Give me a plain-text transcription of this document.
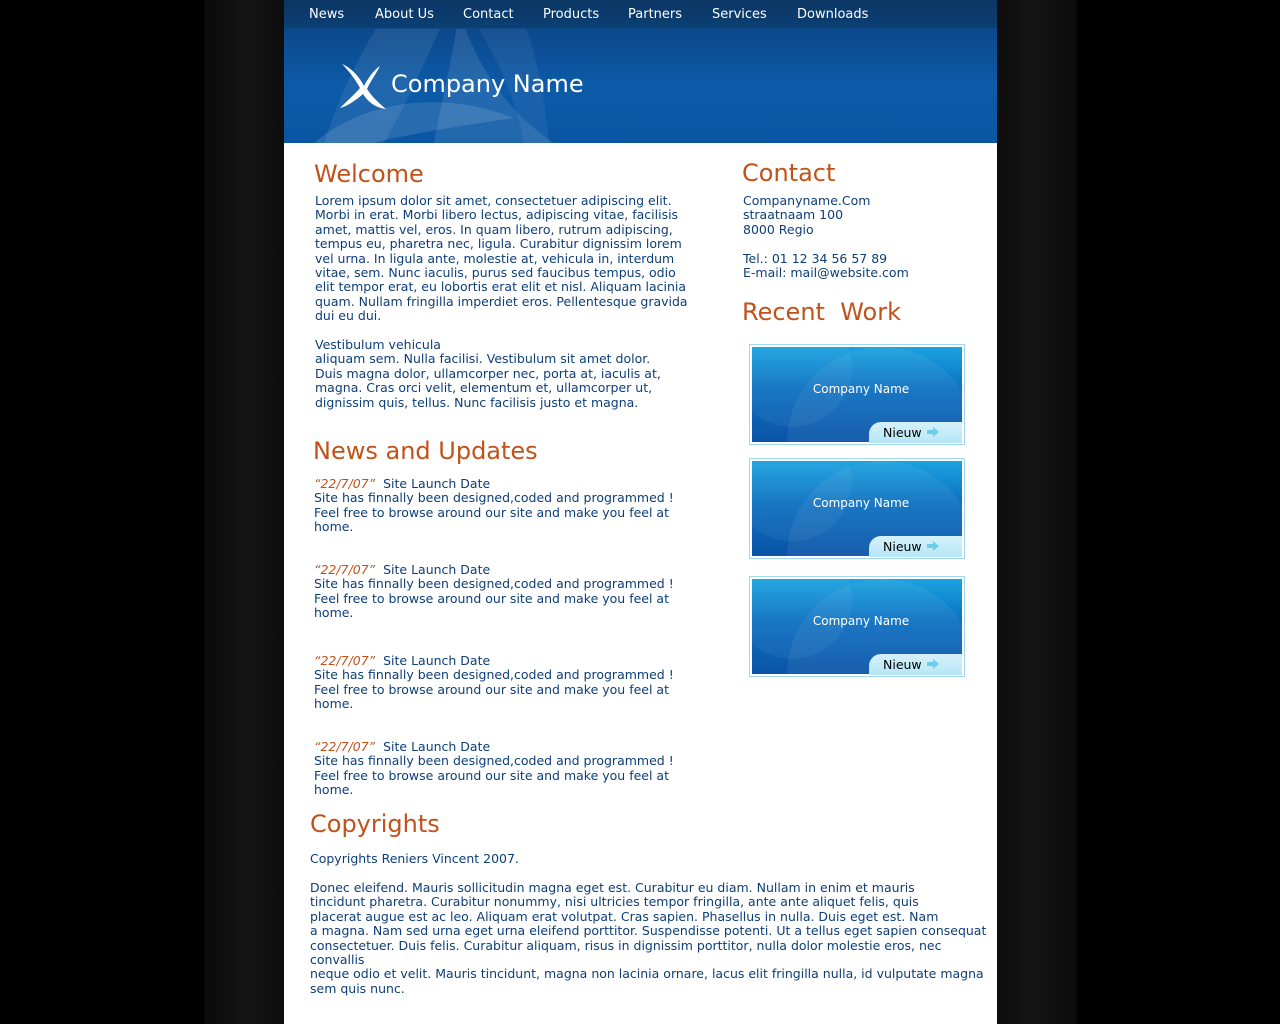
News About Us Contact Products Partners Services Downloads
Company Name
Welcome
Lorem ipsum dolor sit amet, consectetuer adipiscing elit.
Morbi in erat. Morbi libero lectus, adipiscing vitae, facilisis
amet, mattis vel, eros. In quam libero, rutrum adipiscing,
tempus eu, pharetra nec, ligula. Curabitur dignissim lorem
vel urna. In ligula ante, molestie at, vehicula in, interdum
vitae, sem. Nunc iaculis, purus sed faucibus tempus, odio
elit tempor erat, eu lobortis erat elit et nisl. Aliquam lacinia
quam. Nullam fringilla imperdiet eros. Pellentesque gravida
dui eu dui.
Vestibulum vehicula
aliquam sem. Nulla facilisi. Vestibulum sit amet dolor.
Duis magna dolor, ullamcorper nec, porta at, iaculis at,
magna. Cras orci velit, elementum et, ullamcorper ut,
dignissim quis, tellus. Nunc facilisis justo et magna.
News and Updates
“22/7/07” Site Launch Date
Site has finnally been designed,coded and programmed !
Feel free to browse around our site and make you feel at
home.
“22/7/07” Site Launch Date
Site has finnally been designed,coded and programmed !
Feel free to browse around our site and make you feel at
home.
“22/7/07” Site Launch Date
Site has finnally been designed,coded and programmed !
Feel free to browse around our site and make you feel at
home.
“22/7/07” Site Launch Date
Site has finnally been designed,coded and programmed !
Feel free to browse around our site and make you feel at
home.
Contact
Companyname.Com
straatnaam 100
8000 Regio
Tel.: 01 12 34 56 57 89
E-mail: mail@website.com
Recent  Work
Company Name
Nieuw
Company Name
Nieuw
Company Name
Nieuw
Copyrights
Copyrights Reniers Vincent 2007.
Donec eleifend. Mauris sollicitudin magna eget est. Curabitur eu diam. Nullam in enim et mauris
tincidunt pharetra. Curabitur nonummy, nisi ultricies tempor fringilla, ante ante aliquet felis, quis
placerat augue est ac leo. Aliquam erat volutpat. Cras sapien. Phasellus in nulla. Duis eget est. Nam
a magna. Nam sed urna eget urna eleifend porttitor. Suspendisse potenti. Ut a tellus eget sapien consequat
consectetuer. Duis felis. Curabitur aliquam, risus in dignissim porttitor, nulla dolor molestie eros, nec convallis
neque odio et velit. Mauris tincidunt, magna non lacinia ornare, lacus elit fringilla nulla, id vulputate magna
sem quis nunc.
